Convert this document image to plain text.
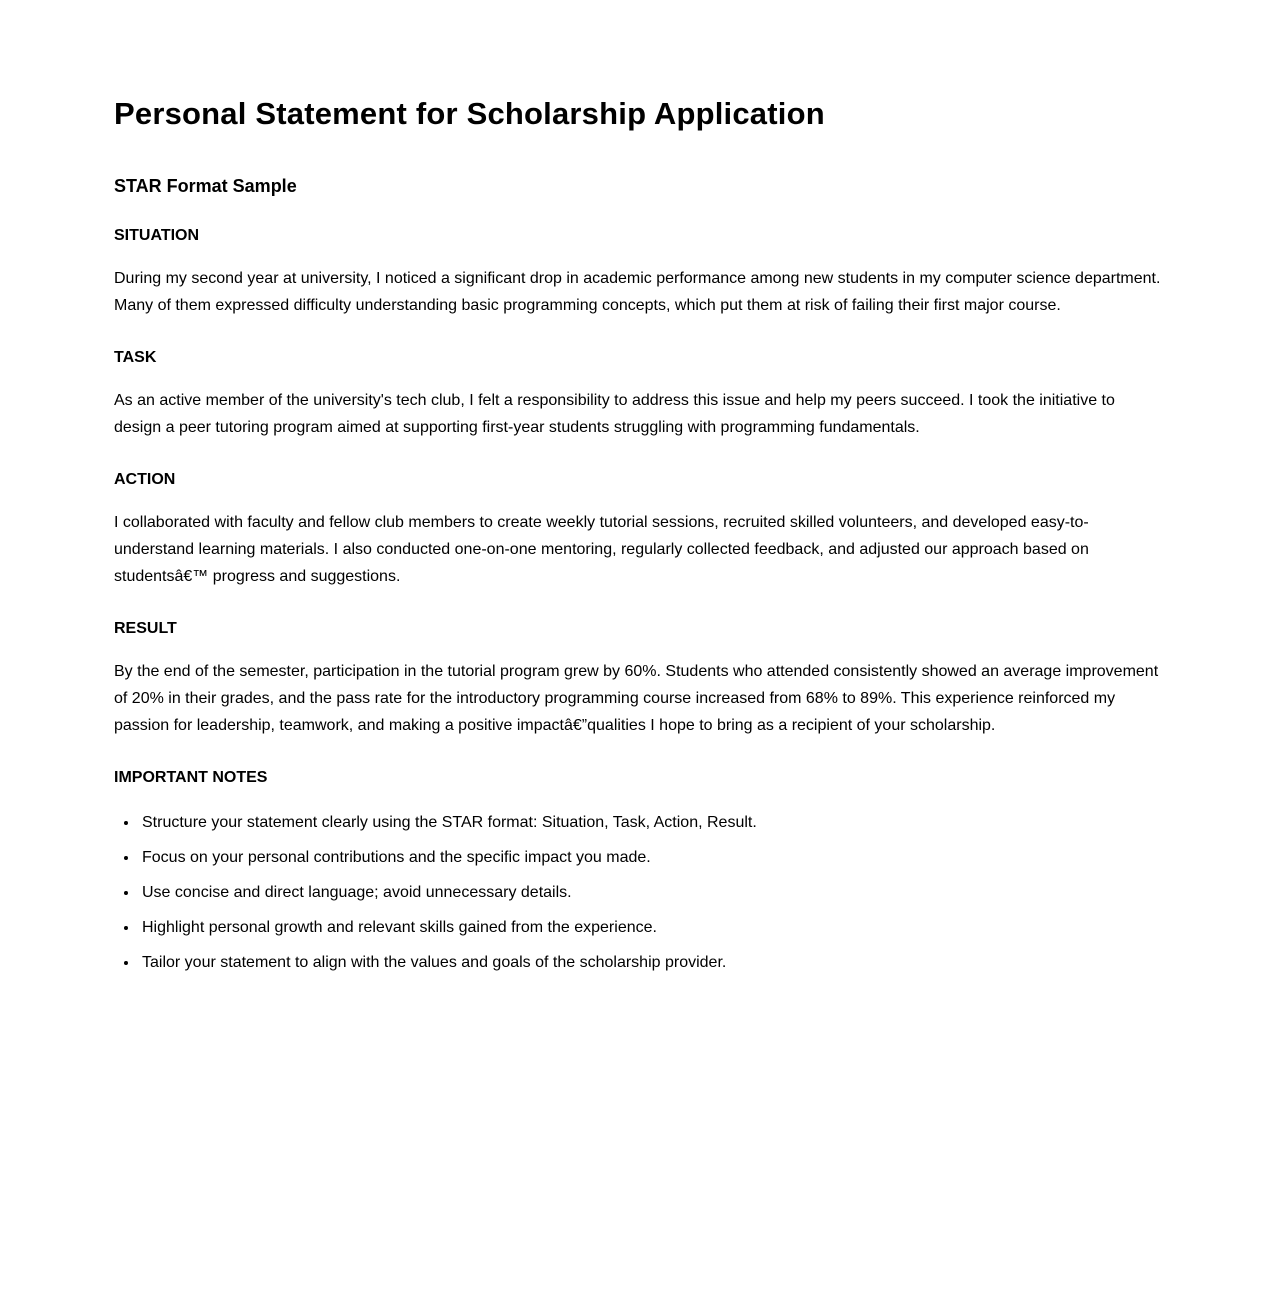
Personal Statement for Scholarship Application
STAR Format Sample
SITUATION

During my second year at university, I noticed a significant drop in academic performance among new students in my computer science department. Many of them expressed difficulty understanding basic programming concepts, which put them at risk of failing their first major course.

TASK

As an active member of the university's tech club, I felt a responsibility to address this issue and help my peers succeed. I took the initiative to design a peer tutoring program aimed at supporting first-year students struggling with programming fundamentals.

ACTION

I collaborated with faculty and fellow club members to create weekly tutorial sessions, recruited skilled volunteers, and developed easy-to-understand learning materials. I also conducted one-on-one mentoring, regularly collected feedback, and adjusted our approach based on studentsâ€™ progress and suggestions.

RESULT

By the end of the semester, participation in the tutorial program grew by 60%. Students who attended consistently showed an average improvement of 20% in their grades, and the pass rate for the introductory programming course increased from 68% to 89%. This experience reinforced my passion for leadership, teamwork, and making a positive impactâ€”qualities I hope to bring as a recipient of your scholarship.

IMPORTANT NOTES
• Structure your statement clearly using the STAR format: Situation, Task, Action, Result.
• Focus on your personal contributions and the specific impact you made.
• Use concise and direct language; avoid unnecessary details.
• Highlight personal growth and relevant skills gained from the experience.
• Tailor your statement to align with the values and goals of the scholarship provider.
